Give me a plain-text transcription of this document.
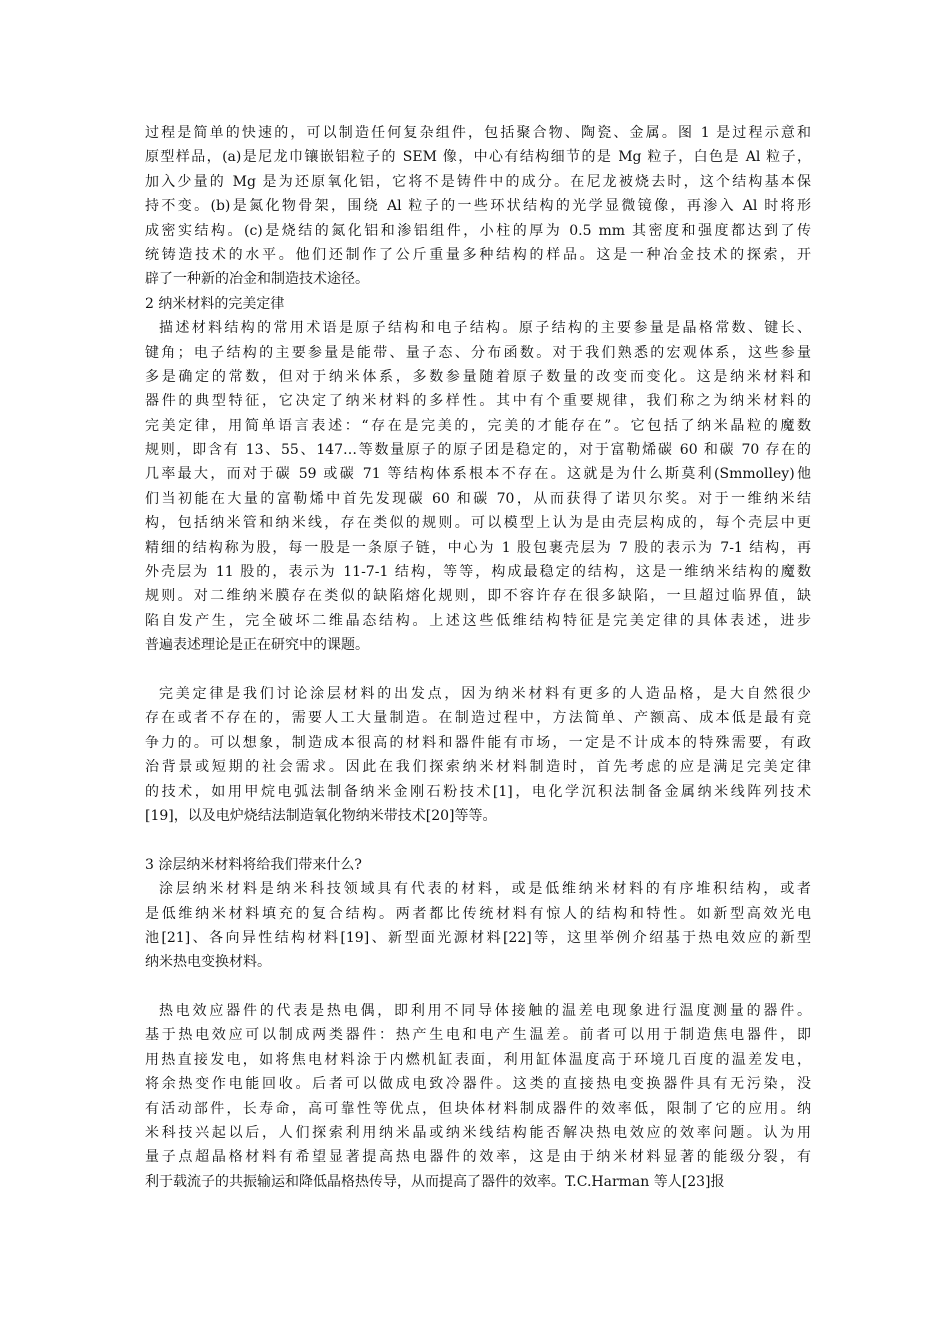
过程是简单的快速的，可以制造任何复杂组件，包括聚合物、陶瓷、金属。图 1 是过程示意和
原型样品，(a)是尼龙巾镶嵌铝粒子的 SEM 像，中心有结构细节的是 Mg 粒子，白色是 Al 粒子，
加入少量的 Mg 是为还原氧化铝，它将不是铸件中的成分。在尼龙被烧去时，这个结构基本保
持不变。(b)是氮化物骨架，围绕 Al 粒子的一些环状结构的光学显微镜像，再渗入 Al 时将形
成密实结构。(c)是烧结的氮化铝和渗铝组件，小柱的厚为 0.5 mm 其密度和强度都达到了传
统铸造技术的水平。他们还制作了公斤重量多种结构的样品。这是一种冶金技术的探索，开
辟了一种新的冶金和制造技术途径。
2 纳米材料的完美定律
描述材料结构的常用术语是原子结构和电子结构。原子结构的主要参量是晶格常数、键长、
键角；电子结构的主要参量是能带、量子态、分布函数。对于我们熟悉的宏观体系，这些参量
多是确定的常数，但对于纳米体系，多数参量随着原子数量的改变而变化。这是纳米材料和
器件的典型特征，它决定了纳米材料的多样性。其中有个重要规律，我们称之为纳米材料的
完美定律，用简单语言表述：“存在是完美的，完美的才能存在”。它包括了纳米晶粒的魔数
规则，即含有 13、55、147…等数量原子的原子团是稳定的，对于富勒烯碳 60 和碳 70 存在的
几率最大，而对于碳 59 或碳 71 等结构体系根本不存在。这就是为什么斯莫利(Smmolley)他
们当初能在大量的富勒烯中首先发现碳 60 和碳 70，从而获得了诺贝尔奖。对于一维纳米结
构，包括纳米管和纳米线，存在类似的规则。可以模型上认为是由壳层构成的，每个壳层中更
精细的结构称为股，每一股是一条原子链，中心为 1 股包裹壳层为 7 股的表示为 7-1 结构，再
外壳层为 11 股的，表示为 11-7-1 结构，等等，构成最稳定的结构，这是一维纳米结构的魔数
规则。对二维纳米膜存在类似的缺陷熔化规则，即不容许存在很多缺陷，一旦超过临界值，缺
陷自发产生，完全破坏二维晶态结构。上述这些低维结构特征是完美定律的具体表述，进步
普遍表述理论是正在研究中的课题。
完美定律是我们讨论涂层材料的出发点，因为纳米材料有更多的人造品格，是大自然很少
存在或者不存在的，需要人工大量制造。在制造过程中，方法简单、产额高、成本低是最有竞
争力的。可以想象，制造成本很高的材料和器件能有市场，一定是不计成本的特殊需要，有政
治背景或短期的社会需求。因此在我们探索纳米材料制造时，首先考虑的应是满足完美定律
的技术，如用甲烷电弧法制备纳米金刚石粉技术[1]，电化学沉积法制备金属纳米线阵列技术
[19]，以及电炉烧结法制造氧化物纳米带技术[20]等等。
3 涂层纳米材料将给我们带来什么?
涂层纳米材料是纳米科技领域具有代表的材料，或是低维纳米材料的有序堆积结构，或者
是低维纳米材料填充的复合结构。两者都比传统材料有惊人的结构和特性。如新型高效光电
池[21]、各向异性结构材料[19]、新型面光源材料[22]等，这里举例介绍基于热电效应的新型
纳米热电变换材料。
热电效应器件的代表是热电偶，即利用不同导体接触的温差电现象进行温度测量的器件。
基于热电效应可以制成两类器件：热产生电和电产生温差。前者可以用于制造焦电器件，即
用热直接发电，如将焦电材料涂于内燃机缸表面，利用缸体温度高于环境几百度的温差发电，
将余热变作电能回收。后者可以做成电致冷器件。这类的直接热电变换器件具有无污染，没
有活动部件，长寿命，高可靠性等优点，但块体材料制成器件的效率低，限制了它的应用。纳
米科技兴起以后，人们探索利用纳米晶或纳米线结构能否解决热电效应的效率问题。认为用
量子点超晶格材料有希望显著提高热电器件的效率，这是由于纳米材料显著的能级分裂，有
利于载流子的共振输运和降低晶格热传导，从而提高了器件的效率。T.C.Harman 等人[23]报
